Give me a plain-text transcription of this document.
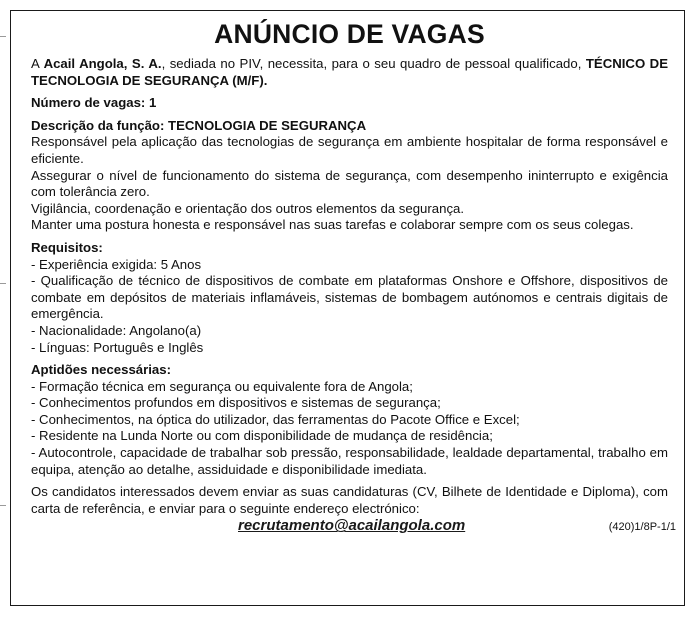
ANÚNCIO DE VAGAS

A Acail Angola, S. A., sediada no PIV, necessita, para o seu quadro de pessoal qualificado, TÉCNICO DE TECNOLOGIA DE SEGURANÇA (M/F).

Número de vagas: 1

Descrição da função: TECNOLOGIA DE SEGURANÇA

Responsável pela aplicação das tecnologias de segurança em ambiente hospitalar de forma responsável e eficiente.

Assegurar o nível de funcionamento do sistema de segurança, com desempenho ininterrupto e exigência com tolerância zero.

Vigilância, coordenação e orientação dos outros elementos da segurança.

Manter uma postura honesta e responsável nas suas tarefas e colaborar sempre com os seus colegas.

Requisitos:

- Experiência exigida: 5 Anos

- Qualificação de técnico de dispositivos de combate em plataformas Onshore e Offshore, dispositivos de combate em depósitos de materiais inflamáveis, sistemas de bombagem autónomos e centrais digitais de emergência.

- Nacionalidade: Angolano(a)

- Línguas: Português e Inglês

Aptidões necessárias:

- Formação técnica em segurança ou equivalente fora de Angola;

- Conhecimentos profundos em dispositivos e sistemas de segurança;

- Conhecimentos, na óptica do utilizador, das ferramentas do Pacote Office e Excel;

- Residente na Lunda Norte ou com disponibilidade de mudança de residência;

- Autocontrole, capacidade de trabalhar sob pressão, responsabilidade, lealdade departamental, trabalho em equipa, atenção ao detalhe, assiduidade e disponibilidade imediata.

Os candidatos interessados devem enviar as suas candidaturas (CV, Bilhete de Identidade e Diploma), com carta de referência, e enviar para o seguinte endereço electrónico:

recrutamento@acailangola.com	(420)1/8P-1/1
